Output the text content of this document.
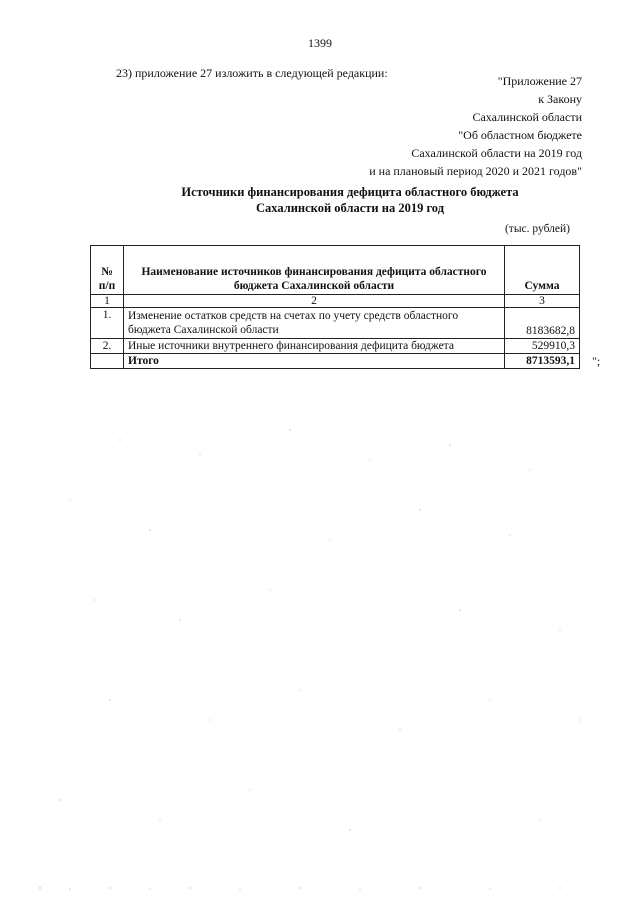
1399
23) приложение 27 изложить в следующей редакции:
"Приложение 27
к Закону
Сахалинской области
"Об областном бюджете
Сахалинской области на 2019 год
и на плановый период 2020 и 2021 годов"
Источники финансирования дефицита областного бюджета
Сахалинской области на 2019 год
(тыс. рублей)
№ п/п	Наименование источников финансирования дефицита областного бюджета Сахалинской области	Сумма
1	2	3
1.	Изменение остатков средств на счетах по учету средств областного бюджета Сахалинской области	8183682,8
2.	Иные источники внутреннего финансирования дефицита бюджета	529910,3
	Итого	8713593,1 ";
